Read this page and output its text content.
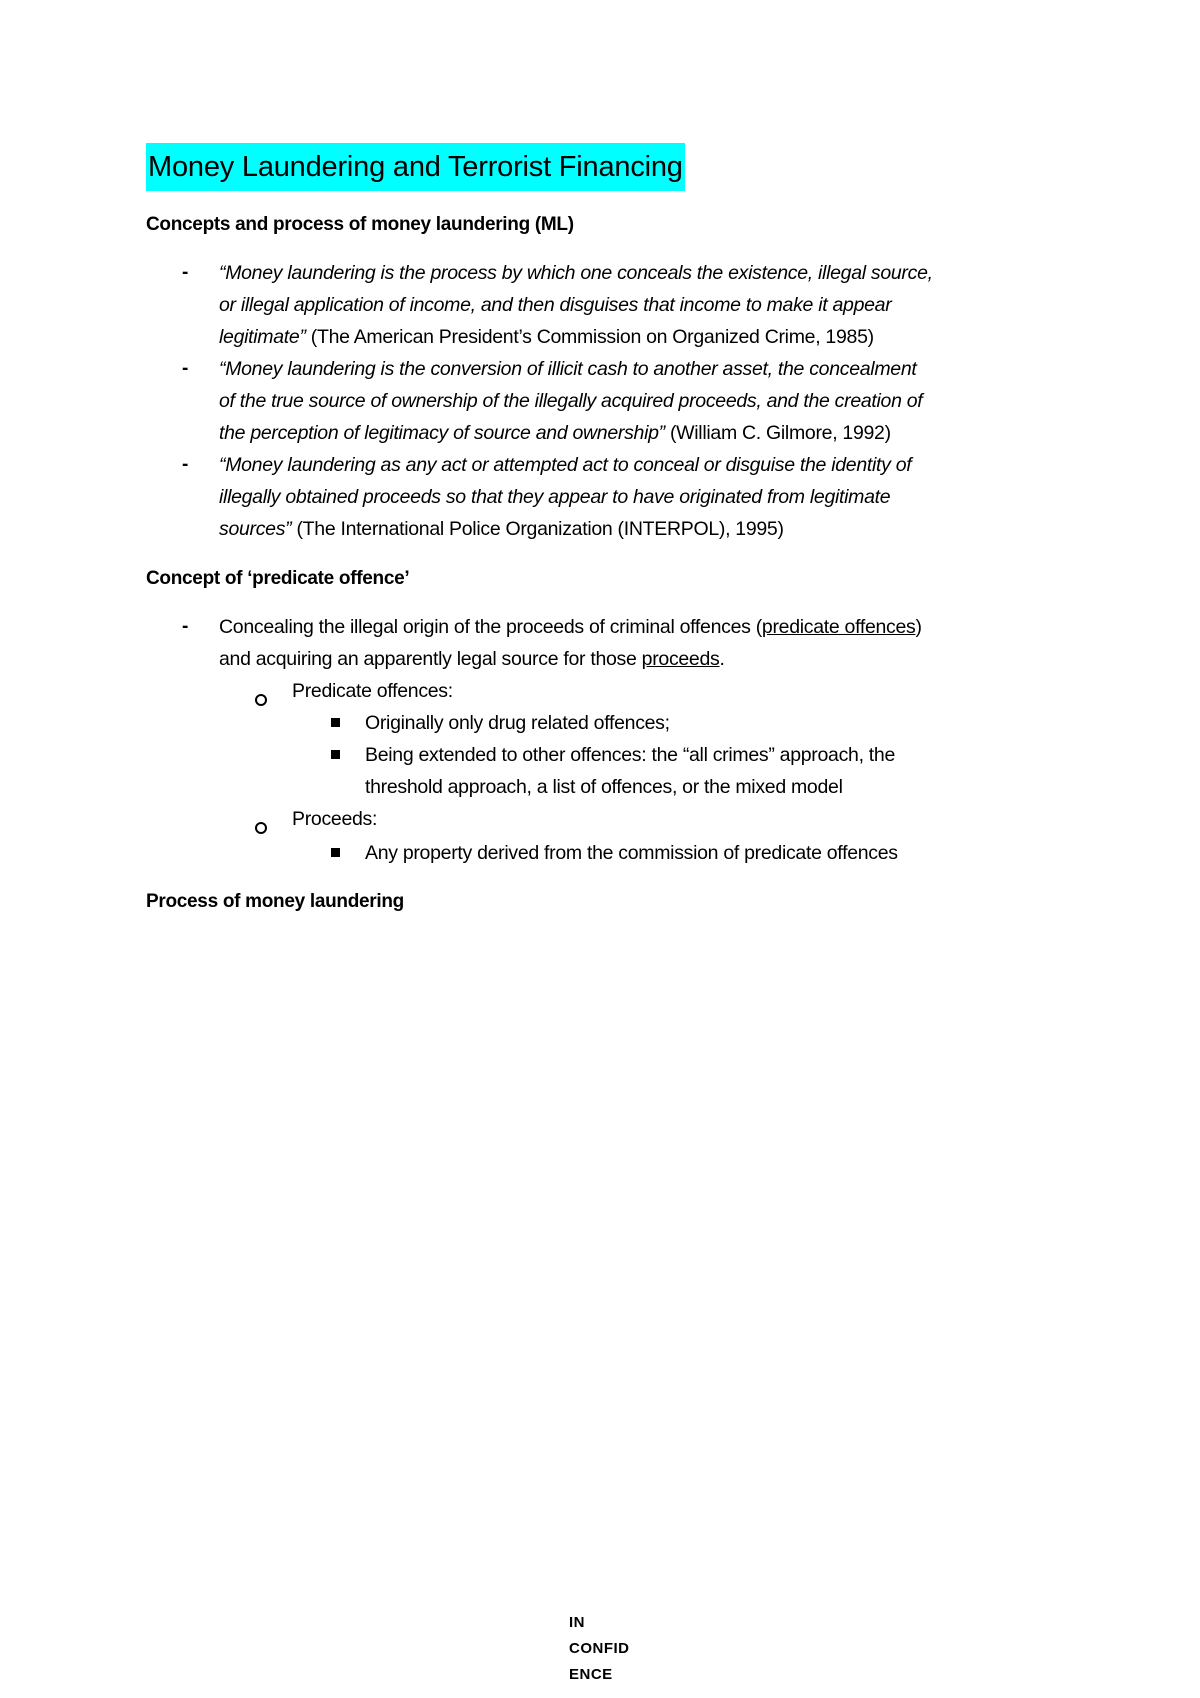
Money Laundering and Terrorist Financing
Concepts and process of money laundering (ML)
- “Money laundering is the process by which one conceals the existence, illegal source,
or illegal application of income, and then disguises that income to make it appear
legitimate” (The American President’s Commission on Organized Crime, 1985)
- “Money laundering is the conversion of illicit cash to another asset, the concealment
of the true source of ownership of the illegally acquired proceeds, and the creation of
the perception of legitimacy of source and ownership” (William C. Gilmore, 1992)
- “Money laundering as any act or attempted act to conceal or disguise the identity of
illegally obtained proceeds so that they appear to have originated from legitimate
sources” (The International Police Organization (INTERPOL), 1995)
Concept of ‘predicate offence’
- Concealing the illegal origin of the proceeds of criminal offences (predicate offences)
and acquiring an apparently legal source for those proceeds.
Predicate offences:
Originally only drug related offences;
Being extended to other offences: the “all crimes” approach, the
threshold approach, a list of offences, or the mixed model
Proceeds:
Any property derived from the commission of predicate offences
Process of money laundering
IN
CONFID
ENCE
